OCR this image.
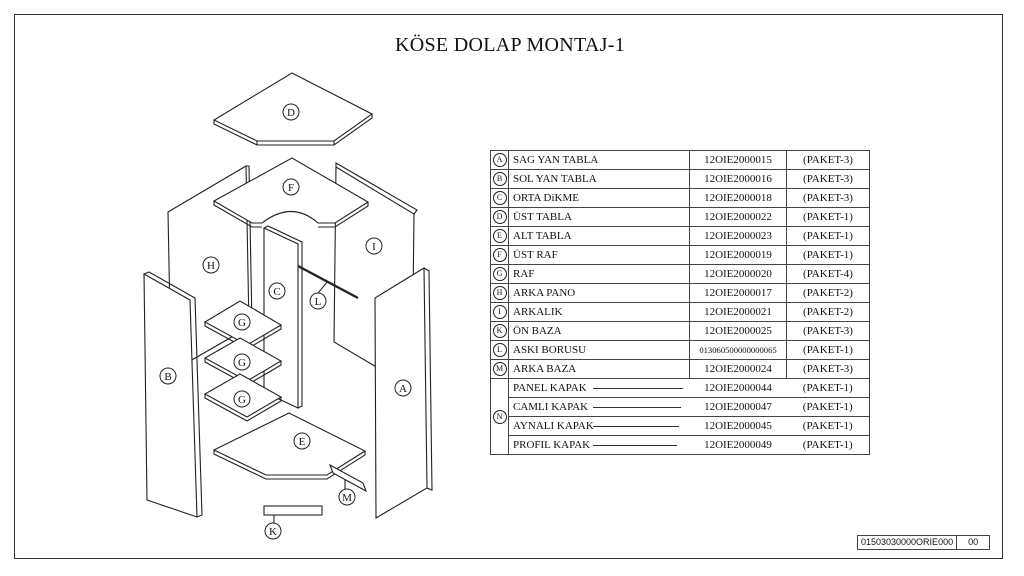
KÖSE DOLAP MONTAJ-1
D
F
H
I
C
L
G
G
G
B
A
E
M
K
A	SAG YAN TABLA	12OIE2000015	(PAKET-3)
B	SOL YAN TABLA	12OIE2000016	(PAKET-3)
C	ORTA DiKME	12OIE2000018	(PAKET-3)
D	ÜST TABLA	12OIE2000022	(PAKET-1)
E	ALT TABLA	12OIE2000023	(PAKET-1)
F	ÜST RAF	12OIE2000019	(PAKET-1)
G	RAF	12OIE2000020	(PAKET-4)
H	ARKA PANO	12OIE2000017	(PAKET-2)
I	ARKALIK	12OIE2000021	(PAKET-2)
K	ÖN BAZA	12OIE2000025	(PAKET-3)
L	ASKI BORUSU	013060500000000065	(PAKET-1)
M	ARKA BAZA	12OIE2000024	(PAKET-3)
N	PANEL KAPAK	12OIE2000044	(PAKET-1)
	CAMLI KAPAK	12OIE2000047	(PAKET-1)
	AYNALI KAPAK	12OIE2000045	(PAKET-1)
	PROFIL KAPAK	12OIE2000049	(PAKET-1)
01503030000ORIE000	00
